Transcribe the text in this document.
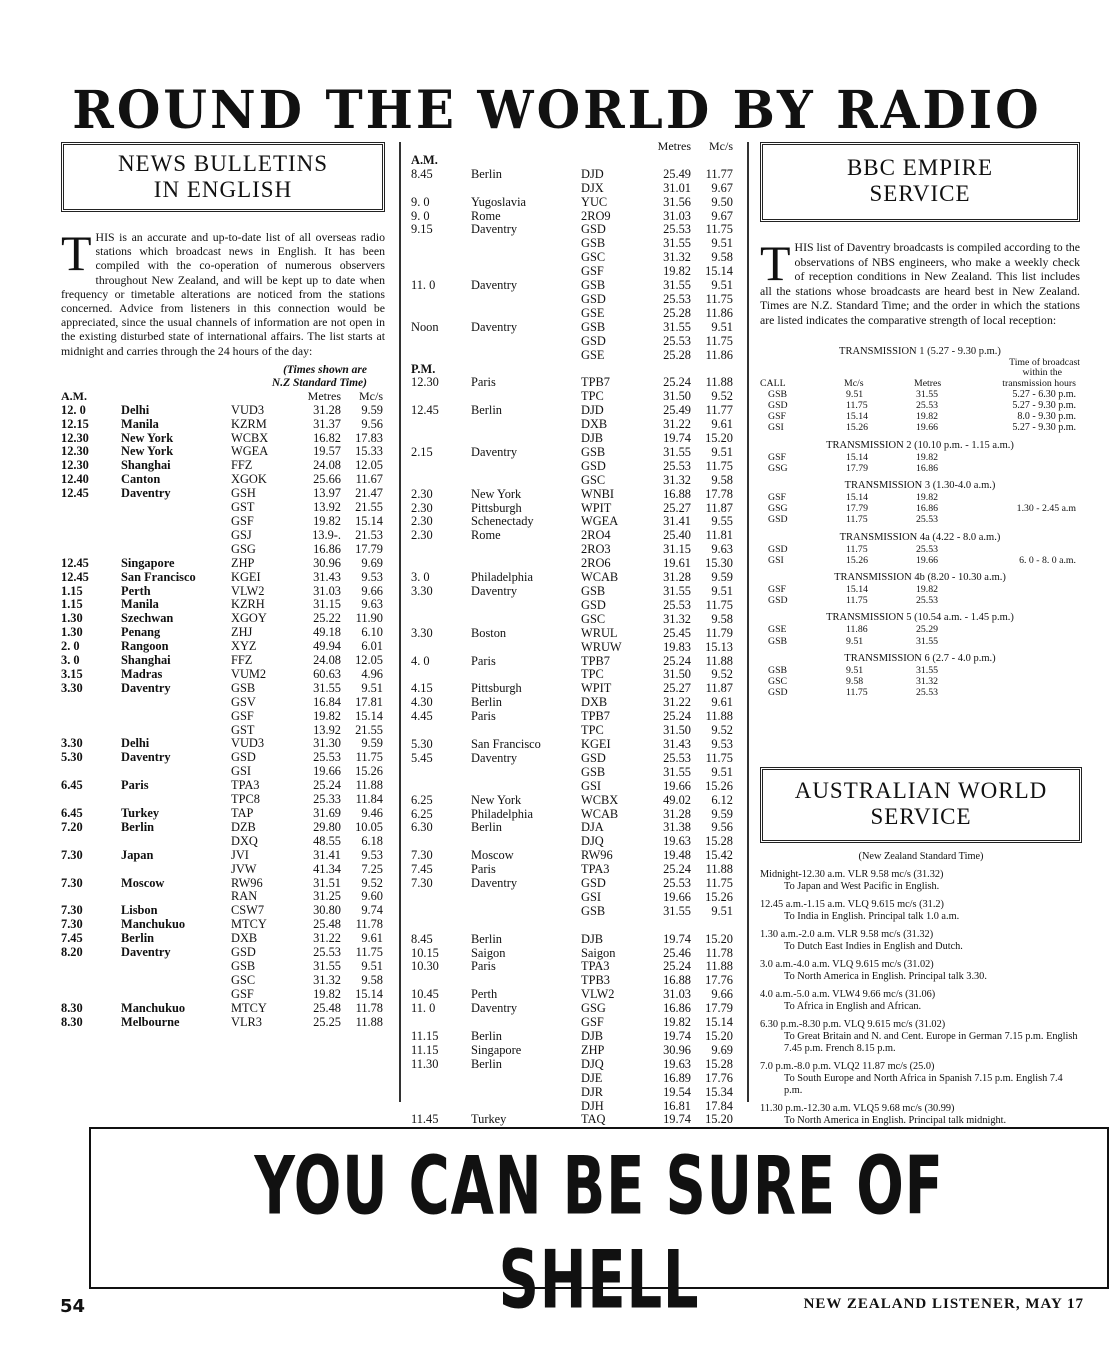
ROUND THE WORLD BY RADIO
NEWS BULLETINS
IN ENGLISH
THIS is an accurate and up-to-date list of all overseas radio stations which broadcast news in English. It has been compiled with the co-operation of numerous observers throughout New Zealand, and will be kept up to date when frequency or timetable alterations are noticed from the stations concerned. Advice from listeners in this connection would be appreciated, since the usual channels of information are not open in the existing disturbed state of international affairs. The list starts at midnight and carries through the 24 hours of the day:
(Times shown are
N.Z Standard Time)
A.M.			Metres	Mc/s
12. 0	Delhi	VUD3	31.28	9.59
12.15	Manila	KZRM	31.37	9.56
12.30	New York	WCBX	16.82	17.83
12.30	New York	WGEA	19.57	15.33
12.30	Shanghai	FFZ	24.08	12.05
12.40	Canton	XGOK	25.66	11.67
12.45	Daventry	GSH	13.97	21.47
		GST	13.92	21.55
		GSF	19.82	15.14
		GSJ	13.9-.	21.53
		GSG	16.86	17.79
12.45	Singapore	ZHP	30.96	9.69
12.45	San Francisco	KGEI	31.43	9.53
1.15	Perth	VLW2	31.03	9.66
1.15	Manila	KZRH	31.15	9.63
1.30	Szechwan	XGOY	25.22	11.90
1.30	Penang	ZHJ	49.18	6.10
2. 0	Rangoon	XYZ	49.94	6.01
3. 0	Shanghai	FFZ	24.08	12.05
3.15	Madras	VUM2	60.63	4.96
3.30	Daventry	GSB	31.55	9.51
		GSV	16.84	17.81
		GSF	19.82	15.14
		GST	13.92	21.55
3.30	Delhi	VUD3	31.30	9.59
5.30	Daventry	GSD	25.53	11.75
		GSI	19.66	15.26
6.45	Paris	TPA3	25.24	11.88
		TPC8	25.33	11.84
6.45	Turkey	TAP	31.69	9.46
7.20	Berlin	DZB	29.80	10.05
		DXQ	48.55	6.18
7.30	Japan	JVI	31.41	9.53
		JVW	41.34	7.25
7.30	Moscow	RW96	31.51	9.52
		RAN	31.25	9.60
7.30	Lisbon	CSW7	30.80	9.74
7.30	Manchukuo	MTCY	25.48	11.78
7.45	Berlin	DXB	31.22	9.61
8.20	Daventry	GSD	25.53	11.75
		GSB	31.55	9.51
		GSC	31.32	9.58
		GSF	19.82	15.14
8.30	Manchukuo	MTCY	25.48	11.78
8.30	Melbourne	VLR3	25.25	11.88
			Metres	Mc/s
A.M.				
8.45	Berlin	DJD	25.49	11.77
		DJX	31.01	9.67
9. 0	Yugoslavia	YUC	31.56	9.50
9. 0	Rome	2RO9	31.03	9.67
9.15	Daventry	GSD	25.53	11.75
		GSB	31.55	9.51
		GSC	31.32	9.58
		GSF	19.82	15.14
11. 0	Daventry	GSB	31.55	9.51
		GSD	25.53	11.75
		GSE	25.28	11.86
Noon	Daventry	GSB	31.55	9.51
		GSD	25.53	11.75
		GSE	25.28	11.86
P.M.				
12.30	Paris	TPB7	25.24	11.88
		TPC	31.50	9.52
12.45	Berlin	DJD	25.49	11.77
		DXB	31.22	9.61
		DJB	19.74	15.20
2.15	Daventry	GSB	31.55	9.51
		GSD	25.53	11.75
		GSC	31.32	9.58
2.30	New York	WNBI	16.88	17.78
2.30	Pittsburgh	WPIT	25.27	11.87
2.30	Schenectady	WGEA	31.41	9.55
2.30	Rome	2RO4	25.40	11.81
		2RO3	31.15	9.63
		2RO6	19.61	15.30
3. 0	Philadelphia	WCAB	31.28	9.59
3.30	Daventry	GSB	31.55	9.51
		GSD	25.53	11.75
		GSC	31.32	9.58
3.30	Boston	WRUL	25.45	11.79
		WRUW	19.83	15.13
4. 0	Paris	TPB7	25.24	11.88
		TPC	31.50	9.52
4.15	Pittsburgh	WPIT	25.27	11.87
4.30	Berlin	DXB	31.22	9.61
4.45	Paris	TPB7	25.24	11.88
		TPC	31.50	9.52
5.30	San Francisco	KGEI	31.43	9.53
5.45	Daventry	GSD	25.53	11.75
		GSB	31.55	9.51
		GSI	19.66	15.26
6.25	New York	WCBX	49.02	6.12
6.25	Philadelphia	WCAB	31.28	9.59
6.30	Berlin	DJA	31.38	9.56
		DJQ	19.63	15.28
7.30	Moscow	RW96	19.48	15.42
7.45	Paris	TPA3	25.24	11.88
7.30	Daventry	GSD	25.53	11.75
		GSI	19.66	15.26
		GSB	31.55	9.51

8.45	Berlin	DJB	19.74	15.20
10.15	Saigon	Saigon	25.46	11.78
10.30	Paris	TPA3	25.24	11.88
		TPB3	16.88	17.76
10.45	Perth	VLW2	31.03	9.66
11. 0	Daventry	GSG	16.86	17.79
		GSF	19.82	15.14
11.15	Berlin	DJB	19.74	15.20
11.15	Singapore	ZHP	30.96	9.69
11.30	Berlin	DJQ	19.63	15.28
		DJE	16.89	17.76
		DJR	19.54	15.34
		DJH	16.81	17.84
11.45	Turkey	TAQ	19.74	15.20
BBC EMPIRE
SERVICE
THIS list of Daventry broadcasts is compiled according to the observations of NBS engineers, who make a weekly check of reception conditions in New Zealand. This list includes all the stations whose broadcasts are heard best in New Zealand. Times are N.Z. Standard Time; and the order in which the stations are listed indicates the comparative strength of local reception:
TRANSMISSION 1 (5.27 - 9.30 p.m.)
Time of broadcast
within the
CALL	Mc/s	Metres	transmission hours
GSB	9.51	31.55	5.27 - 6.30 p.m.
GSD	11.75	25.53	5.27 - 9.30 p.m.
GSF	15.14	19.82	8.0 - 9.30 p.m.
GSI	15.26	19.66	5.27 - 9.30 p.m.
TRANSMISSION 2 (10.10 p.m. - 1.15 a.m.)
GSF	15.14	19.82	
GSG	17.79	16.86	
TRANSMISSION 3 (1.30-4.0 a.m.)
GSF	15.14	19.82	
GSG	17.79	16.86	1.30 - 2.45 a.m
GSD	11.75	25.53	
TRANSMISSION 4a (4.22 - 8.0 a.m.)
GSD	11.75	25.53	
GSI	15.26	19.66	6. 0 - 8. 0 a.m.
TRANSMISSION 4b (8.20 - 10.30 a.m.)
GSF	15.14	19.82	
GSD	11.75	25.53	
TRANSMISSION 5 (10.54 a.m. - 1.45 p.m.)
GSE	11.86	25.29	
GSB	9.51	31.55	
TRANSMISSION 6 (2.7 - 4.0 p.m.)
GSB	9.51	31.55	
GSC	9.58	31.32	
GSD	11.75	25.53	
AUSTRALIAN WORLD
SERVICE
(New Zealand Standard Time)
Midnight-12.30 a.m. VLR 9.58 mc/s (31.32)
To Japan and West Pacific in English.
12.45 a.m.-1.15 a.m. VLQ 9.615 mc/s (31.2)
To India in English. Principal talk 1.0 a.m.
1.30 a.m.-2.0 a.m. VLR 9.58 mc/s (31.32)
To Dutch East Indies in English and Dutch.
3.0 a.m.-4.0 a.m. VLQ 9.615 mc/s (31.02)
To North America in English. Principal talk 3.30.
4.0 a.m.-5.0 a.m. VLW4 9.66 mc/s (31.06)
To Africa in English and African.
6.30 p.m.-8.30 p.m. VLQ 9.615 mc/s (31.02)
To Great Britain and N. and Cent. Europe in German 7.15 p.m. English 7.45 p.m. French 8.15 p.m.
7.0 p.m.-8.0 p.m. VLQ2 11.87 mc/s (25.0)
To South Europe and North Africa in Spanish 7.15 p.m. English 7.4 p.m.
11.30 p.m.-12.30 a.m. VLQ5 9.68 mc/s (30.99)
To North America in English. Principal talk midnight.
YOU CAN BE SURE OF SHELL
54	NEW ZEALAND LISTENER, MAY 17
